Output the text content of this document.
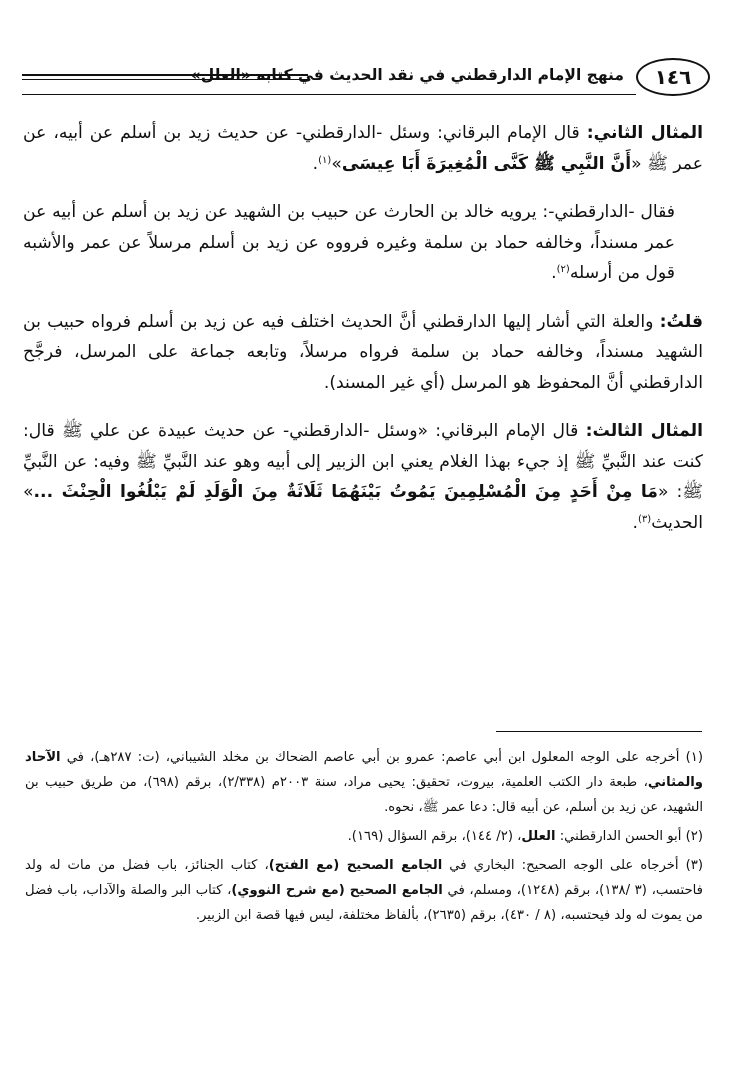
١٤٦
منهج الإمام الدارقطني في نقد الحديث في كتابه «العلل»

المثال الثاني: قال الإمام البرقاني: وسئل -الدارقطني- عن حديث زيد بن أسلم عن أبيه، عن عمر ﷺ «أَنَّ النَّبِي ﷺ كَنَّى الْمُغِيرَةَ أَبَا عِيسَى»$^{(١)}$.

فقال -الدارقطني-: يرويه خالد بن الحارث عن حبيب بن الشهيد عن زيد بن أسلم عن أبيه عن عمر مسنداً، وخالفه حماد بن سلمة وغيره فرووه عن زيد بن أسلم مرسلاً عن عمر والأشبه قول من أرسله$^{(٢)}$.

قلتُ: والعلة التي أشار إليها الدارقطني أنَّ الحديث اختلف فيه عن زيد بن أسلم فرواه حبيب بن الشهيد مسنداً، وخالفه حماد بن سلمة فرواه مرسلاً، وتابعه جماعة على المرسل، فرجَّح الدارقطني أنَّ المحفوظ هو المرسل (أي غير المسند).

المثال الثالث: قال الإمام البرقاني: «وسئل -الدارقطني- عن حديث عبيدة عن علي ﷺ قال: كنت عند النَّبيِّ ﷺ إذ جيء بهذا الغلام يعني ابن الزبير إلى أبيه وهو عند النَّبيِّ ﷺ وفيه: عن النَّبيِّ ﷺ: «مَا مِنْ أَحَدٍ مِنَ الْمُسْلِمِينَ يَمُوتُ بَيْنَهُمَا ثَلَاثَةٌ مِنَ الْوَلَدِ لَمْ يَبْلُغُوا الْحِنْثَ ...» الحديث$^{(٣)}$.

(١) أخرجه على الوجه المعلول ابن أبي عاصم: عمرو بن أبي عاصم الضحاك بن مخلد الشيباني، (ت: ٢٨٧هـ)، في الآحاد والمثاني، طبعة دار الكتب العلمية، بيروت، تحقيق: يحيى مراد، سنة ٢٠٠٣م (٢/٣٣٨)، برقم (٦٩٨)، من طريق حبيب بن الشهيد، عن زيد بن أسلم، عن أبيه قال: دعا عمر ﷺ، نحوه.

(٢) أبو الحسن الدارقطني: العلل، (٢/ ١٤٤)، برقم السؤال (١٦٩).

(٣) أخرجاه على الوجه الصحيح: البخاري في الجامع الصحيح (مع الفتح)، كتاب الجنائز، باب فضل من مات له ولد فاحتسب، (٣ /١٣٨)، برقم (١٢٤٨)، ومسلم، في الجامع الصحيح (مع شرح النووي)، كتاب البر والصلة والآداب، باب فضل من يموت له ولد فيحتسبه، (٨ / ٤٣٠)، برقم (٢٦٣٥)، بألفاظ مختلفة، ليس فيها قصة ابن الزبير.
